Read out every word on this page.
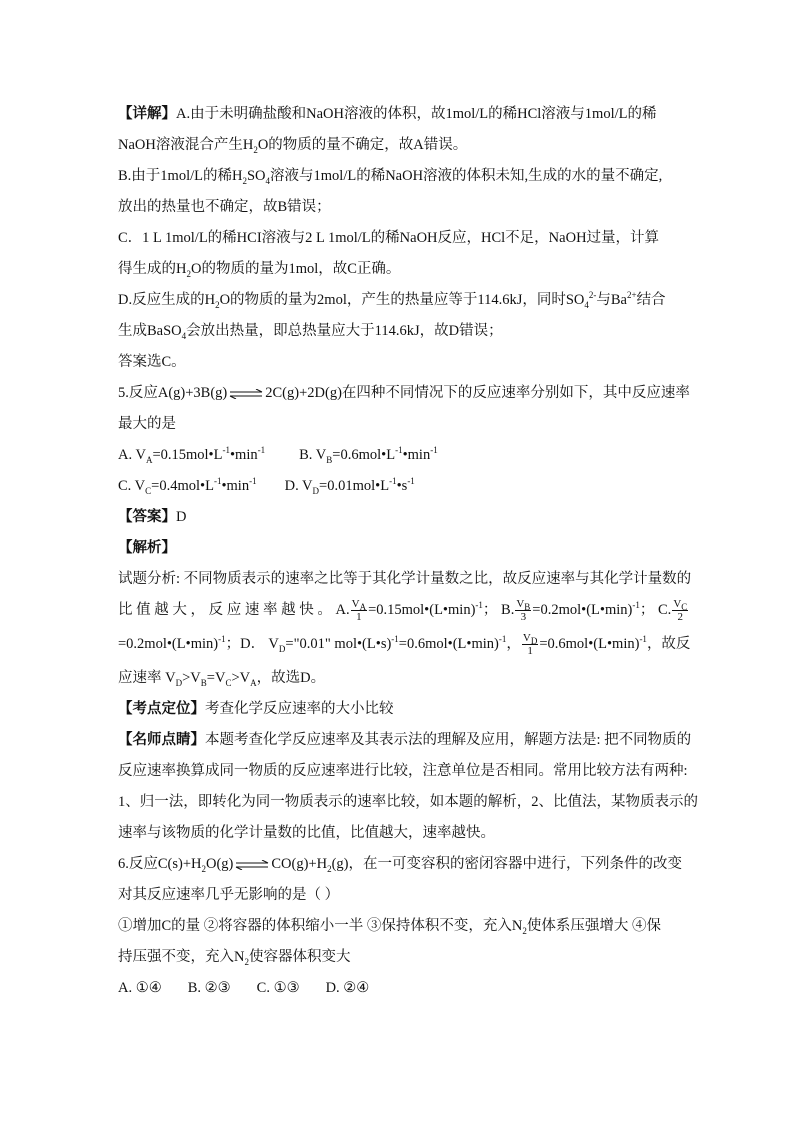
【详解】A.由于未明确盐酸和NaOH溶液的体积，故1mol/L的稀HCl溶液与1mol/L的稀
NaOH溶液混合产生$H_2O$的物质的量不确定，故A错误。
B.由于1mol/L的稀$H_2SO_4$溶液与1mol/L的稀NaOH溶液的体积未知,生成的水的量不确定,
放出的热量也不确定，故B错误；
C．1 L 1mol/L的稀HCI溶液与2 L 1mol/L的稀NaOH反应，HCl不足，NaOH过量，计算
得生成的$H_2O$的物质的量为1mol，故C正确。
D.反应生成的$H_2O$的物质的量为2mol，产生的热量应等于114.6kJ，同时$SO_4^{2-}$与$Ba^{2+}$结合
生成BaSO$_4$会放出热量，即总热量应大于114.6kJ，故D错误；
答案选C。
5.反应A(g)+3B(g) ⇌ 2C(g)+2D(g)在四种不同情况下的反应速率分别如下，其中反应速率
最大的是
A. $V_A=0.15mol•L^{-1}•\min^{-1}$ B. $V_B=0.6mol•L^{-1}•\min^{-1}$
C. $V_C=0.4mol•L^{-1}•\min^{-1}$ D. $V_D=0.01mol•L^{-1}•s^{-1}$
【答案】D
【解析】
试题分析: 不同物质表示的速率之比等于其化学计量数之比，故反应速率与其化学计量数的
比 值 越 大 ， 反 应 速 率 越 快 。 A. $\frac{V_A}{1}$ =0.15mol•(L•min)$^{-1}$； B. $\frac{V_B}{3}$ =0.2mol•(L•min)$^{-1}$； C. $\frac{V_C}{2}$
=0.2mol•(L•min)$^{-1}$；D． $V_D="0.01$" mol•(L•s)$^{-1}$=0.6mol•(L•min)$^{-1}$， $\frac{V_D}{1}$ =0.6mol•(L•min)$^{-1}$，故反
应速率 $V_D>V_B=V_C>V_A$，故选D。
【考点定位】考查化学反应速率的大小比较
【名师点睛】本题考查化学反应速率及其表示法的理解及应用，解题方法是: 把不同物质的
反应速率换算成同一物质的反应速率进行比较，注意单位是否相同。常用比较方法有两种:
1、归一法，即转化为同一物质表示的速率比较，如本题的解析，2、比值法，某物质表示的
速率与该物质的化学计量数的比值，比值越大，速率越快。
6.反应$C(s)+H_2O(g)$ ⇌ $CO(g)+H_2(g)$，在一可变容积的密闭容器中进行，下列条件的改变
对其反应速率几乎无影响的是（ ）
①增加C的量 ②将容器的体积缩小一半 ③保持体积不变，充入$N_2$使体系压强增大 ④保
持压强不变，充入$N_2$使容器体积变大
A. ①④ B. ②③ C. ①③ D. ②④
